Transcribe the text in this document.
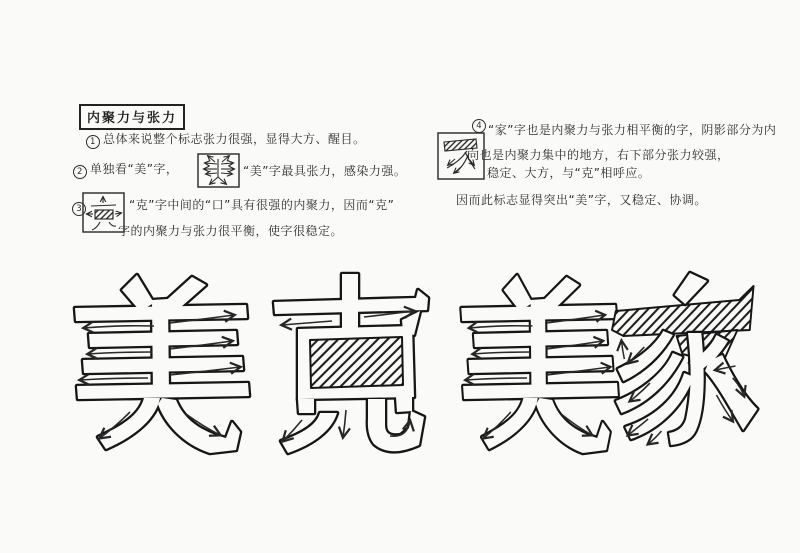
内聚力与张力
1 总体来说整个标志张力很强，显得大方、醒目。
2 单独看“美”字，	“美”字最具张力，感染力强。
3	“克”字中间的“口”具有很强的内聚力，因而“克”
字的内聚力与张力很平衡，使字很稳定。
4 “家”字也是内聚力与张力相平衡的字，阴影部分为内
向也是内聚力集中的地方，右下部分张力较强，
稳定、大方，与“克”相呼应。
因而此标志显得突出“美”字，又稳定、协调。
